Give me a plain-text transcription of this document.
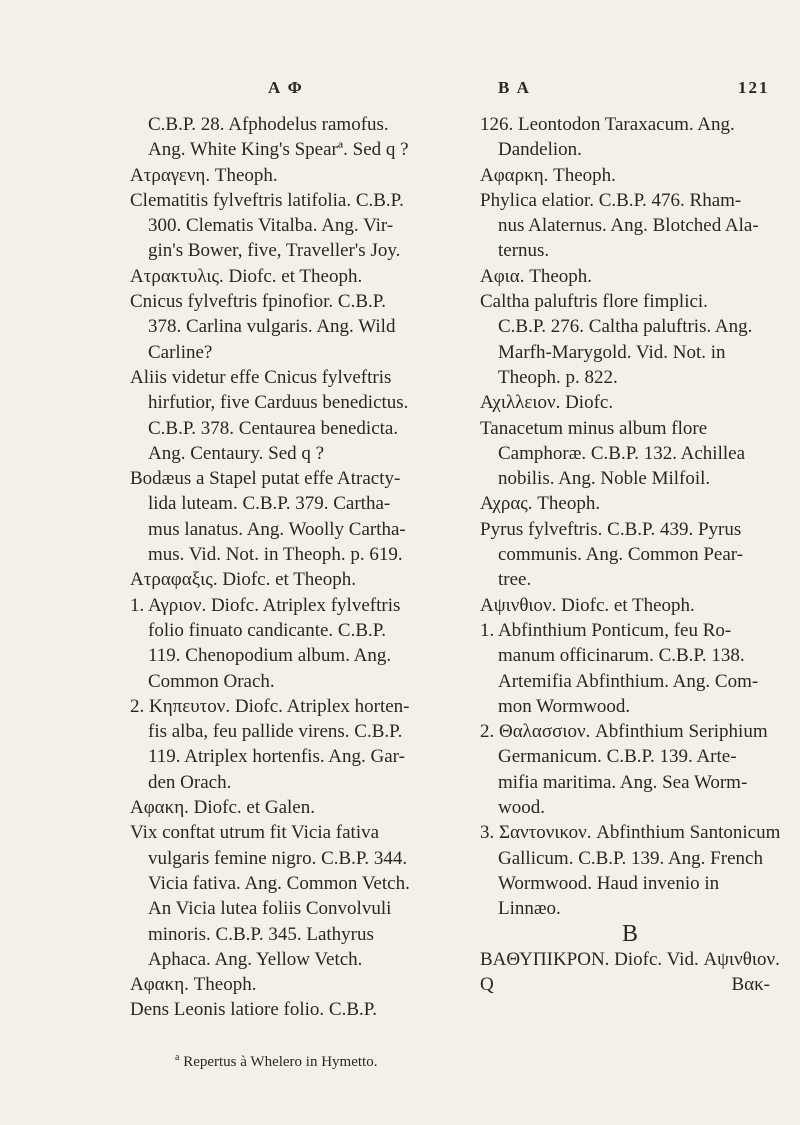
A Φ	B A	121
C.B.P. 28. Afphodelus ramofus.
Ang. White King's Spearª. Sed q ?
Ατραγενη. Theoph.
Clematitis fylveftris latifolia. C.B.P.
300. Clematis Vitalba. Ang. Vir-
gin's Bower, five, Traveller's Joy.
Ατρακτυλις. Diofc. et Theoph.
Cnicus fylveftris fpinofior. C.B.P.
378. Carlina vulgaris. Ang. Wild
Carline?
Aliis videtur effe Cnicus fylveftris
hirfutior, five Carduus benedictus.
C.B.P. 378. Centaurea benedicta.
Ang. Centaury. Sed q ?
Bodæus a Stapel putat effe Atracty-
lida luteam. C.B.P. 379. Cartha-
mus lanatus. Ang. Woolly Cartha-
mus. Vid. Not. in Theoph. p. 619.
Ατραφαξις. Diofc. et Theoph.
1. Αγριον. Diofc. Atriplex fylveftris
folio finuato candicante. C.B.P.
119. Chenopodium album. Ang.
Common Orach.
2. Κηπευτον. Diofc. Atriplex horten-
fis alba, feu pallide virens. C.B.P.
119. Atriplex hortenfis. Ang. Gar-
den Orach.
Αφακη. Diofc. et Galen.
Vix conftat utrum fit Vicia fativa
vulgaris femine nigro. C.B.P. 344.
Vicia fativa. Ang. Common Vetch.
An Vicia lutea foliis Convolvuli
minoris. C.B.P. 345. Lathyrus
Aphaca. Ang. Yellow Vetch.
Αφακη. Theoph.
Dens Leonis latiore folio. C.B.P.
126. Leontodon Taraxacum. Ang.
Dandelion.
Αφαρκη. Theoph.
Phylica elatior. C.B.P. 476. Rham-
nus Alaternus. Ang. Blotched Ala-
ternus.
Αφια. Theoph.
Caltha paluftris flore fimplici.
C.B.P. 276. Caltha paluftris. Ang.
Marfh-Marygold. Vid. Not. in
Theoph. p. 822.
Αχιλλειον. Diofc.
Tanacetum minus album flore
Camphoræ. C.B.P. 132. Achillea
nobilis. Ang. Noble Milfoil.
Αχρας. Theoph.
Pyrus fylveftris. C.B.P. 439. Pyrus
communis. Ang. Common Pear-
tree.
Αψινθιον. Diofc. et Theoph.
1. Abfinthium Ponticum, feu Ro-
manum officinarum. C.B.P. 138.
Artemifia Abfinthium. Ang. Com-
mon Wormwood.
2. Θαλασσιον. Abfinthium Seriphium
Germanicum. C.B.P. 139. Arte-
mifia maritima. Ang. Sea Worm-
wood.
3. Σαντονικον. Abfinthium Santonicum
Gallicum. C.B.P. 139. Ang. French
Wormwood. Haud invenio in
Linnæo.
B
BAΘΥΠΙΚΡΟΝ. Diofc. Vid. Αψινθιον.
Q	Βακ-
$^a$ Repertus à Whelero in Hymetto.
